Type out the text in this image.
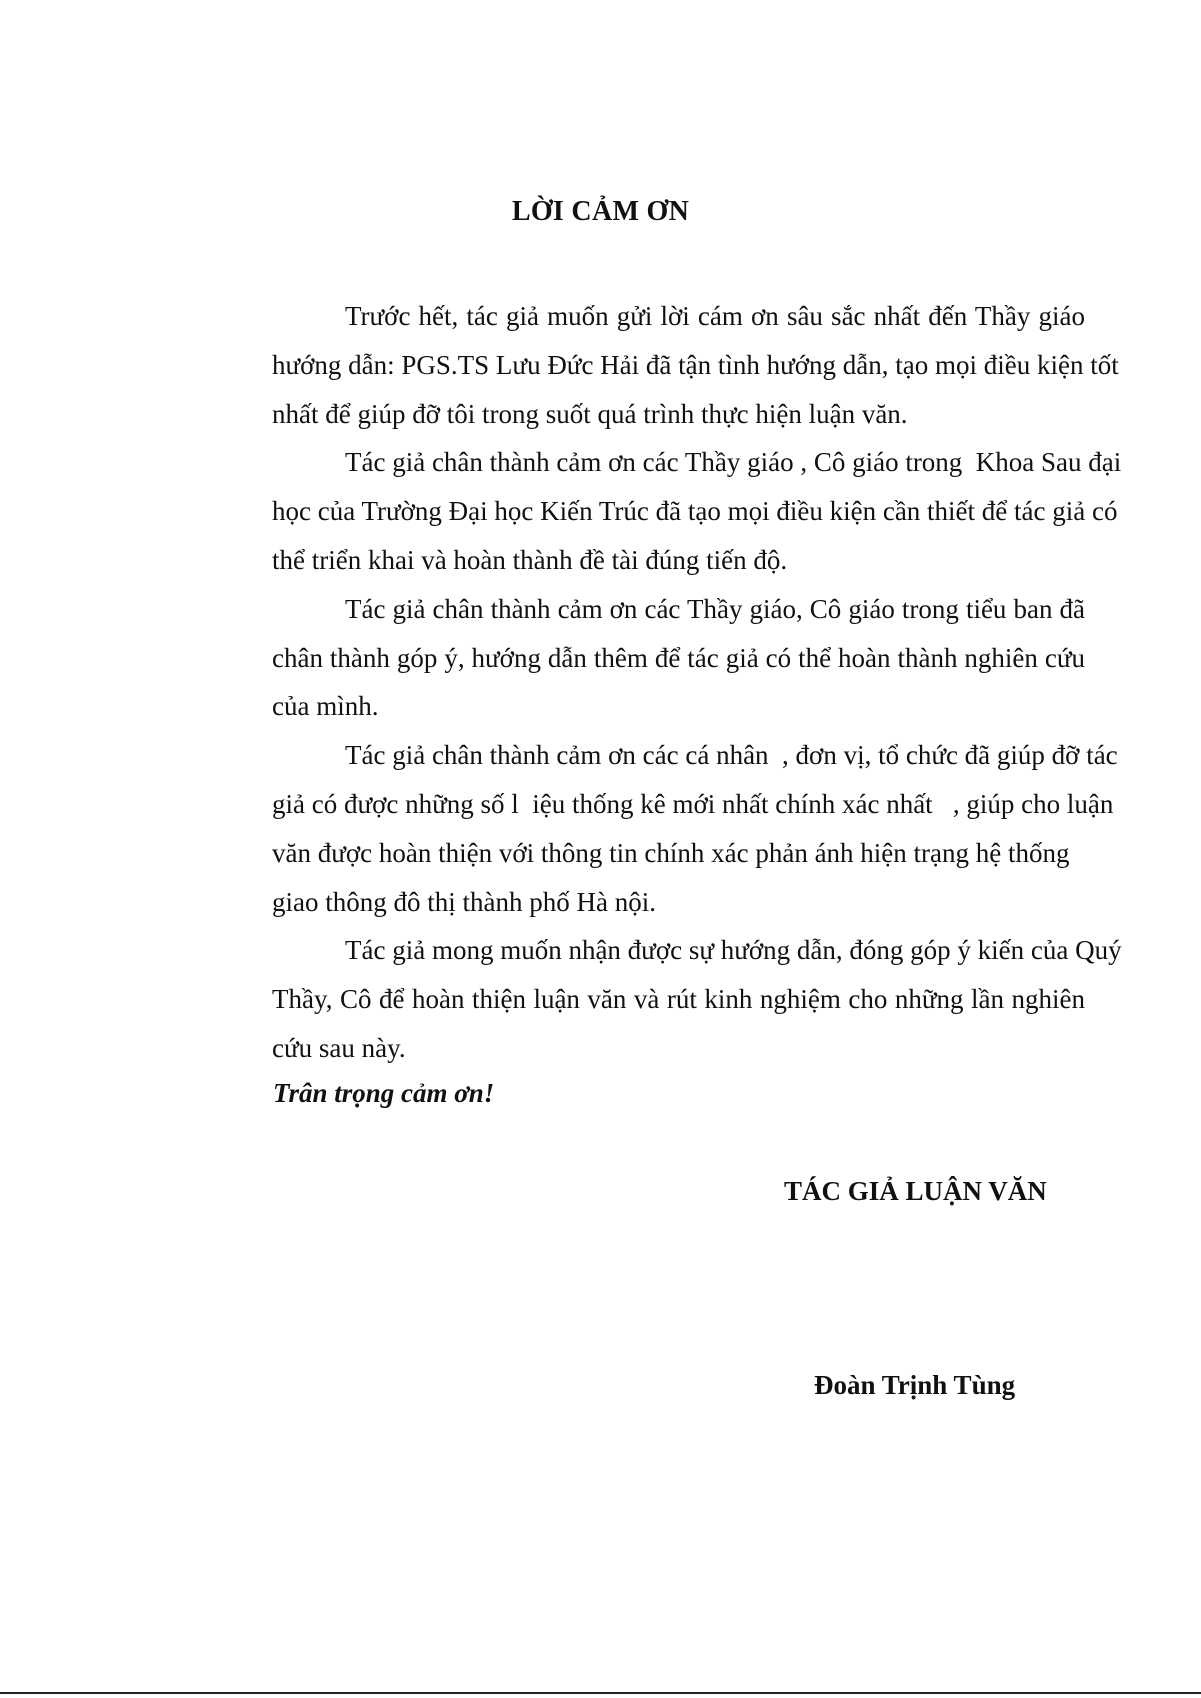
LỜI CẢM ƠN
Trước hết, tác giả muốn gửi lời cám ơn sâu sắc nhất đến Thầy giáo
hướng dẫn: PGS.TS Lưu Đức Hải đã tận tình hướng dẫn, tạo mọi điều kiện tốt
nhất để giúp đỡ tôi trong suốt quá trình thực hiện luận văn.
Tác giả chân thành cảm ơn các Thầy giáo , Cô giáo trong  Khoa Sau đại
học của Trường Đại học Kiến Trúc đã tạo mọi điều kiện cần thiết để tác giả có
thể triển khai và hoàn thành đề tài đúng tiến độ.
Tác giả chân thành cảm ơn các Thầy giáo, Cô giáo trong tiểu ban đã
chân thành góp ý, hướng dẫn thêm để tác giả có thể hoàn thành nghiên cứu
của mình.
Tác giả chân thành cảm ơn các cá nhân  , đơn vị, tổ chức đã giúp đỡ tác
giả có được những số l  iệu thống kê mới nhất chính xác nhất   , giúp cho luận
văn được hoàn thiện với thông tin chính xác phản ánh hiện trạng hệ thống
giao thông đô thị thành phố Hà nội.
Tác giả mong muốn nhận được sự hướng dẫn, đóng góp ý kiến của Quý
Thầy, Cô để hoàn thiện luận văn và rút kinh nghiệm cho những lần nghiên
cứu sau này.
Trân trọng cảm ơn!
TÁC GIẢ LUẬN VĂN
Đoàn Trịnh Tùng
